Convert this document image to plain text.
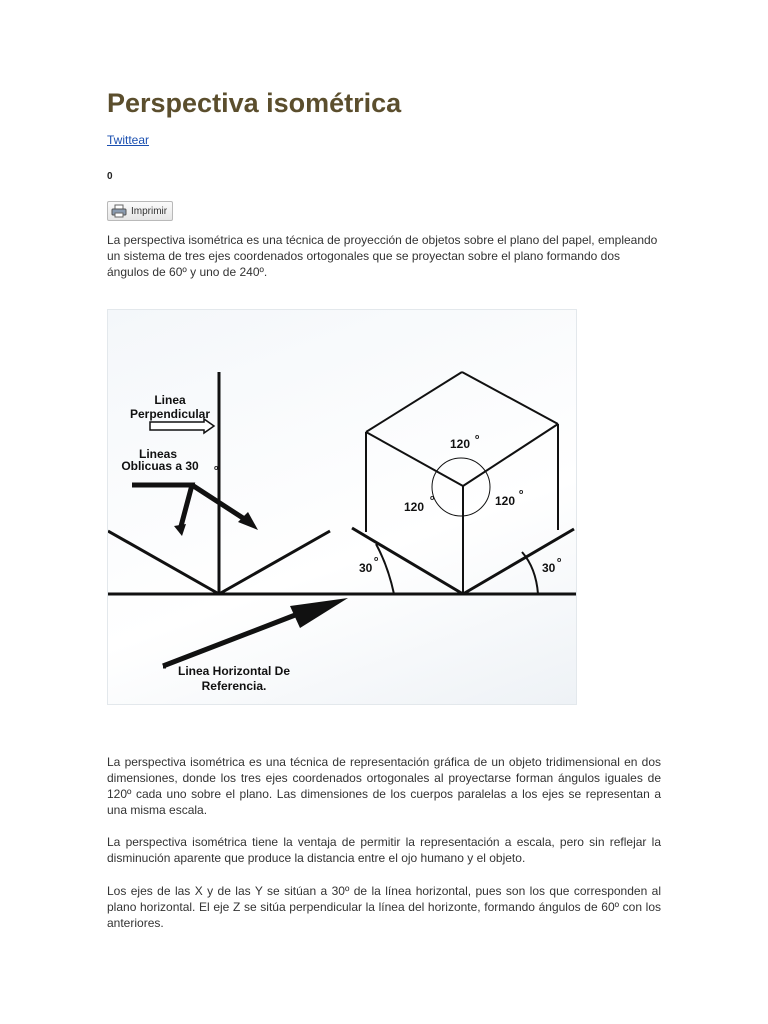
Perspectiva isométrica
Twittear
0
Imprimir

La perspectiva isométrica es una técnica de proyección de objetos sobre el plano del papel, empleando un sistema de tres ejes coordenados ortogonales que se proyectan sobre el plano formando dos ángulos de 60º y uno de 240º.

Linea
Perpendicular
Lineas
Oblicuas a 30 o
Linea Horizontal De
Referencia.
120 o
120
o	120
o
30
o
30
o

La perspectiva isométrica es una técnica de representación gráfica de un objeto tridimensional en dos dimensiones, donde los tres ejes coordenados ortogonales al proyectarse forman ángulos iguales de 120º cada uno sobre el plano. Las dimensiones de los cuerpos paralelas a los ejes se representan a una misma escala.

La perspectiva isométrica tiene la ventaja de permitir la representación a escala, pero sin reflejar la disminución aparente que produce la distancia entre el ojo humano y el objeto.

Los ejes de las X y de las Y se sitúan a 30º de la línea horizontal, pues son los que corresponden al plano horizontal. El eje Z se sitúa perpendicular la línea del horizonte, formando ángulos de 60º con los anteriores.
